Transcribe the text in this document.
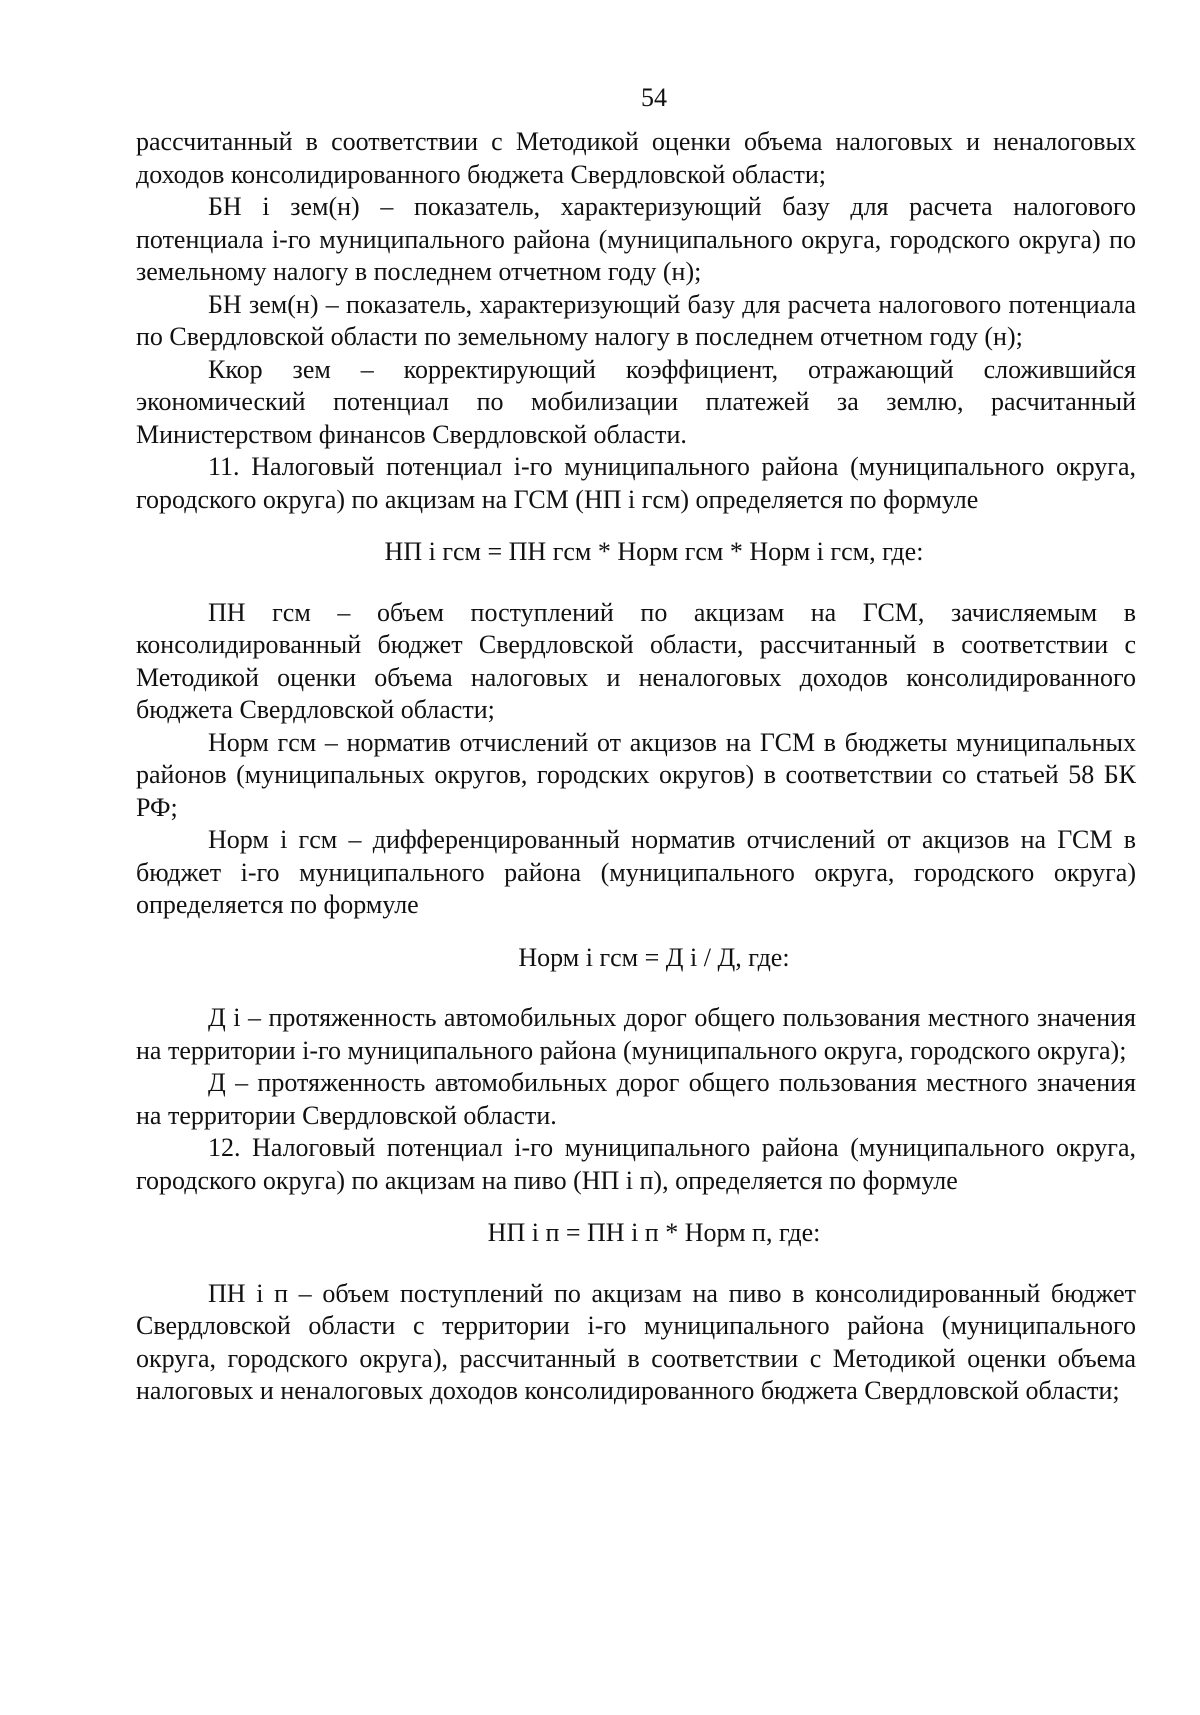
54

рассчитанный в соответствии с Методикой оценки объема налоговых и неналоговых доходов консолидированного бюджета Свердловской области;

БН i зем(н) – показатель, характеризующий базу для расчета налогового потенциала i-го муниципального района (муниципального округа, городского округа) по земельному налогу в последнем отчетном году (н);

БН зем(н) – показатель, характеризующий базу для расчета налогового потенциала по Свердловской области по земельному налогу в последнем отчетном году (н);

Ккор зем – корректирующий коэффициент, отражающий сложившийся экономический потенциал по мобилизации платежей за землю, расчитанный Министерством финансов Свердловской области.

11. Налоговый потенциал i-го муниципального района (муниципального округа, городского округа) по акцизам на ГСМ (НП i гсм) определяется по формуле

НП i гсм = ПН гсм * Норм гсм * Норм i гсм, где:

ПН гсм – объем поступлений по акцизам на ГСМ, зачисляемым в консолидированный бюджет Свердловской области, рассчитанный в соответствии с Методикой оценки объема налоговых и неналоговых доходов консолидированного бюджета Свердловской области;

Норм гсм – норматив отчислений от акцизов на ГСМ в бюджеты муниципальных районов (муниципальных округов, городских округов) в соответствии со статьей 58 БК РФ;

Норм i гсм – дифференцированный норматив отчислений от акцизов на ГСМ в бюджет i-го муниципального района (муниципального округа, городского округа) определяется по формуле

Норм i гсм = Д i / Д, где:

Д i – протяженность автомобильных дорог общего пользования местного значения на территории i-го муниципального района (муниципального округа, городского округа);

Д – протяженность автомобильных дорог общего пользования местного значения на территории Свердловской области.

12. Налоговый потенциал i-го муниципального района (муниципального округа, городского округа) по акцизам на пиво (НП i п), определяется по формуле

НП i п = ПН i п * Норм п, где:

ПН i п – объем поступлений по акцизам на пиво в консолидированный бюджет Свердловской области с территории i-го муниципального района (муниципального округа, городского округа), рассчитанный в соответствии с Методикой оценки объема налоговых и неналоговых доходов консолидированного бюджета Свердловской области;
